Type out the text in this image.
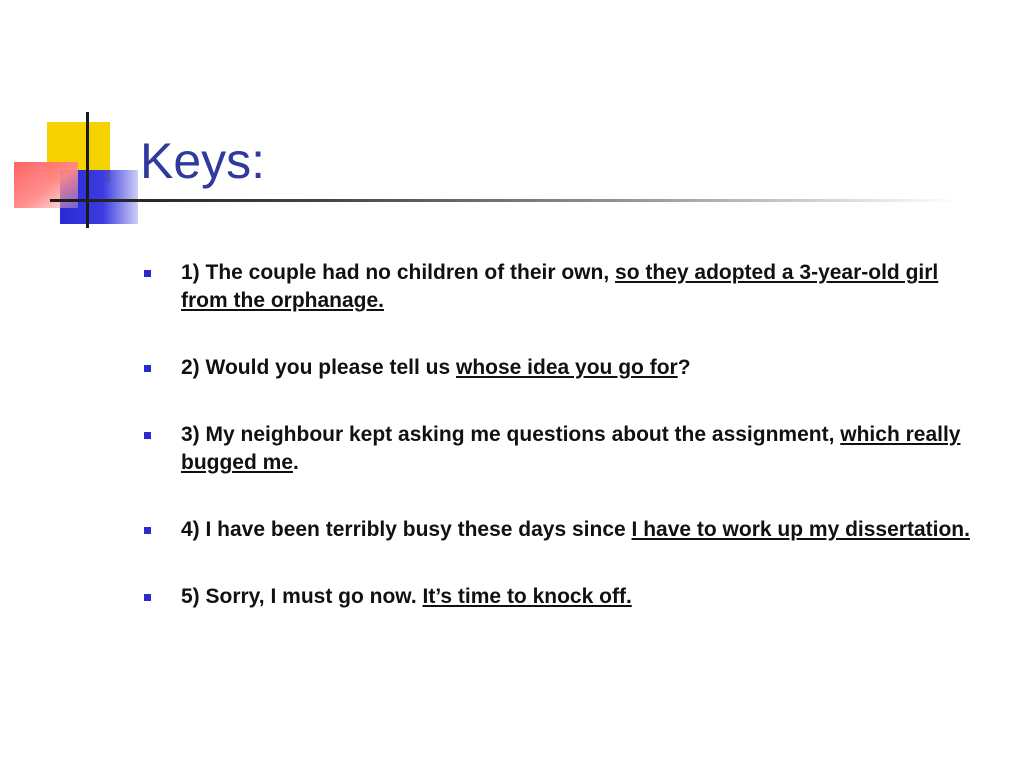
Keys:
1) The couple had no children of their own, so they adopted a 3-year-old girl from the orphanage.
2) Would you please tell us whose idea you go for?
3) My neighbour kept asking me questions about the assignment, which really bugged me.
4) I have been terribly busy these days since I have to work up my dissertation.
5) Sorry, I must go now. It’s time to knock off.
